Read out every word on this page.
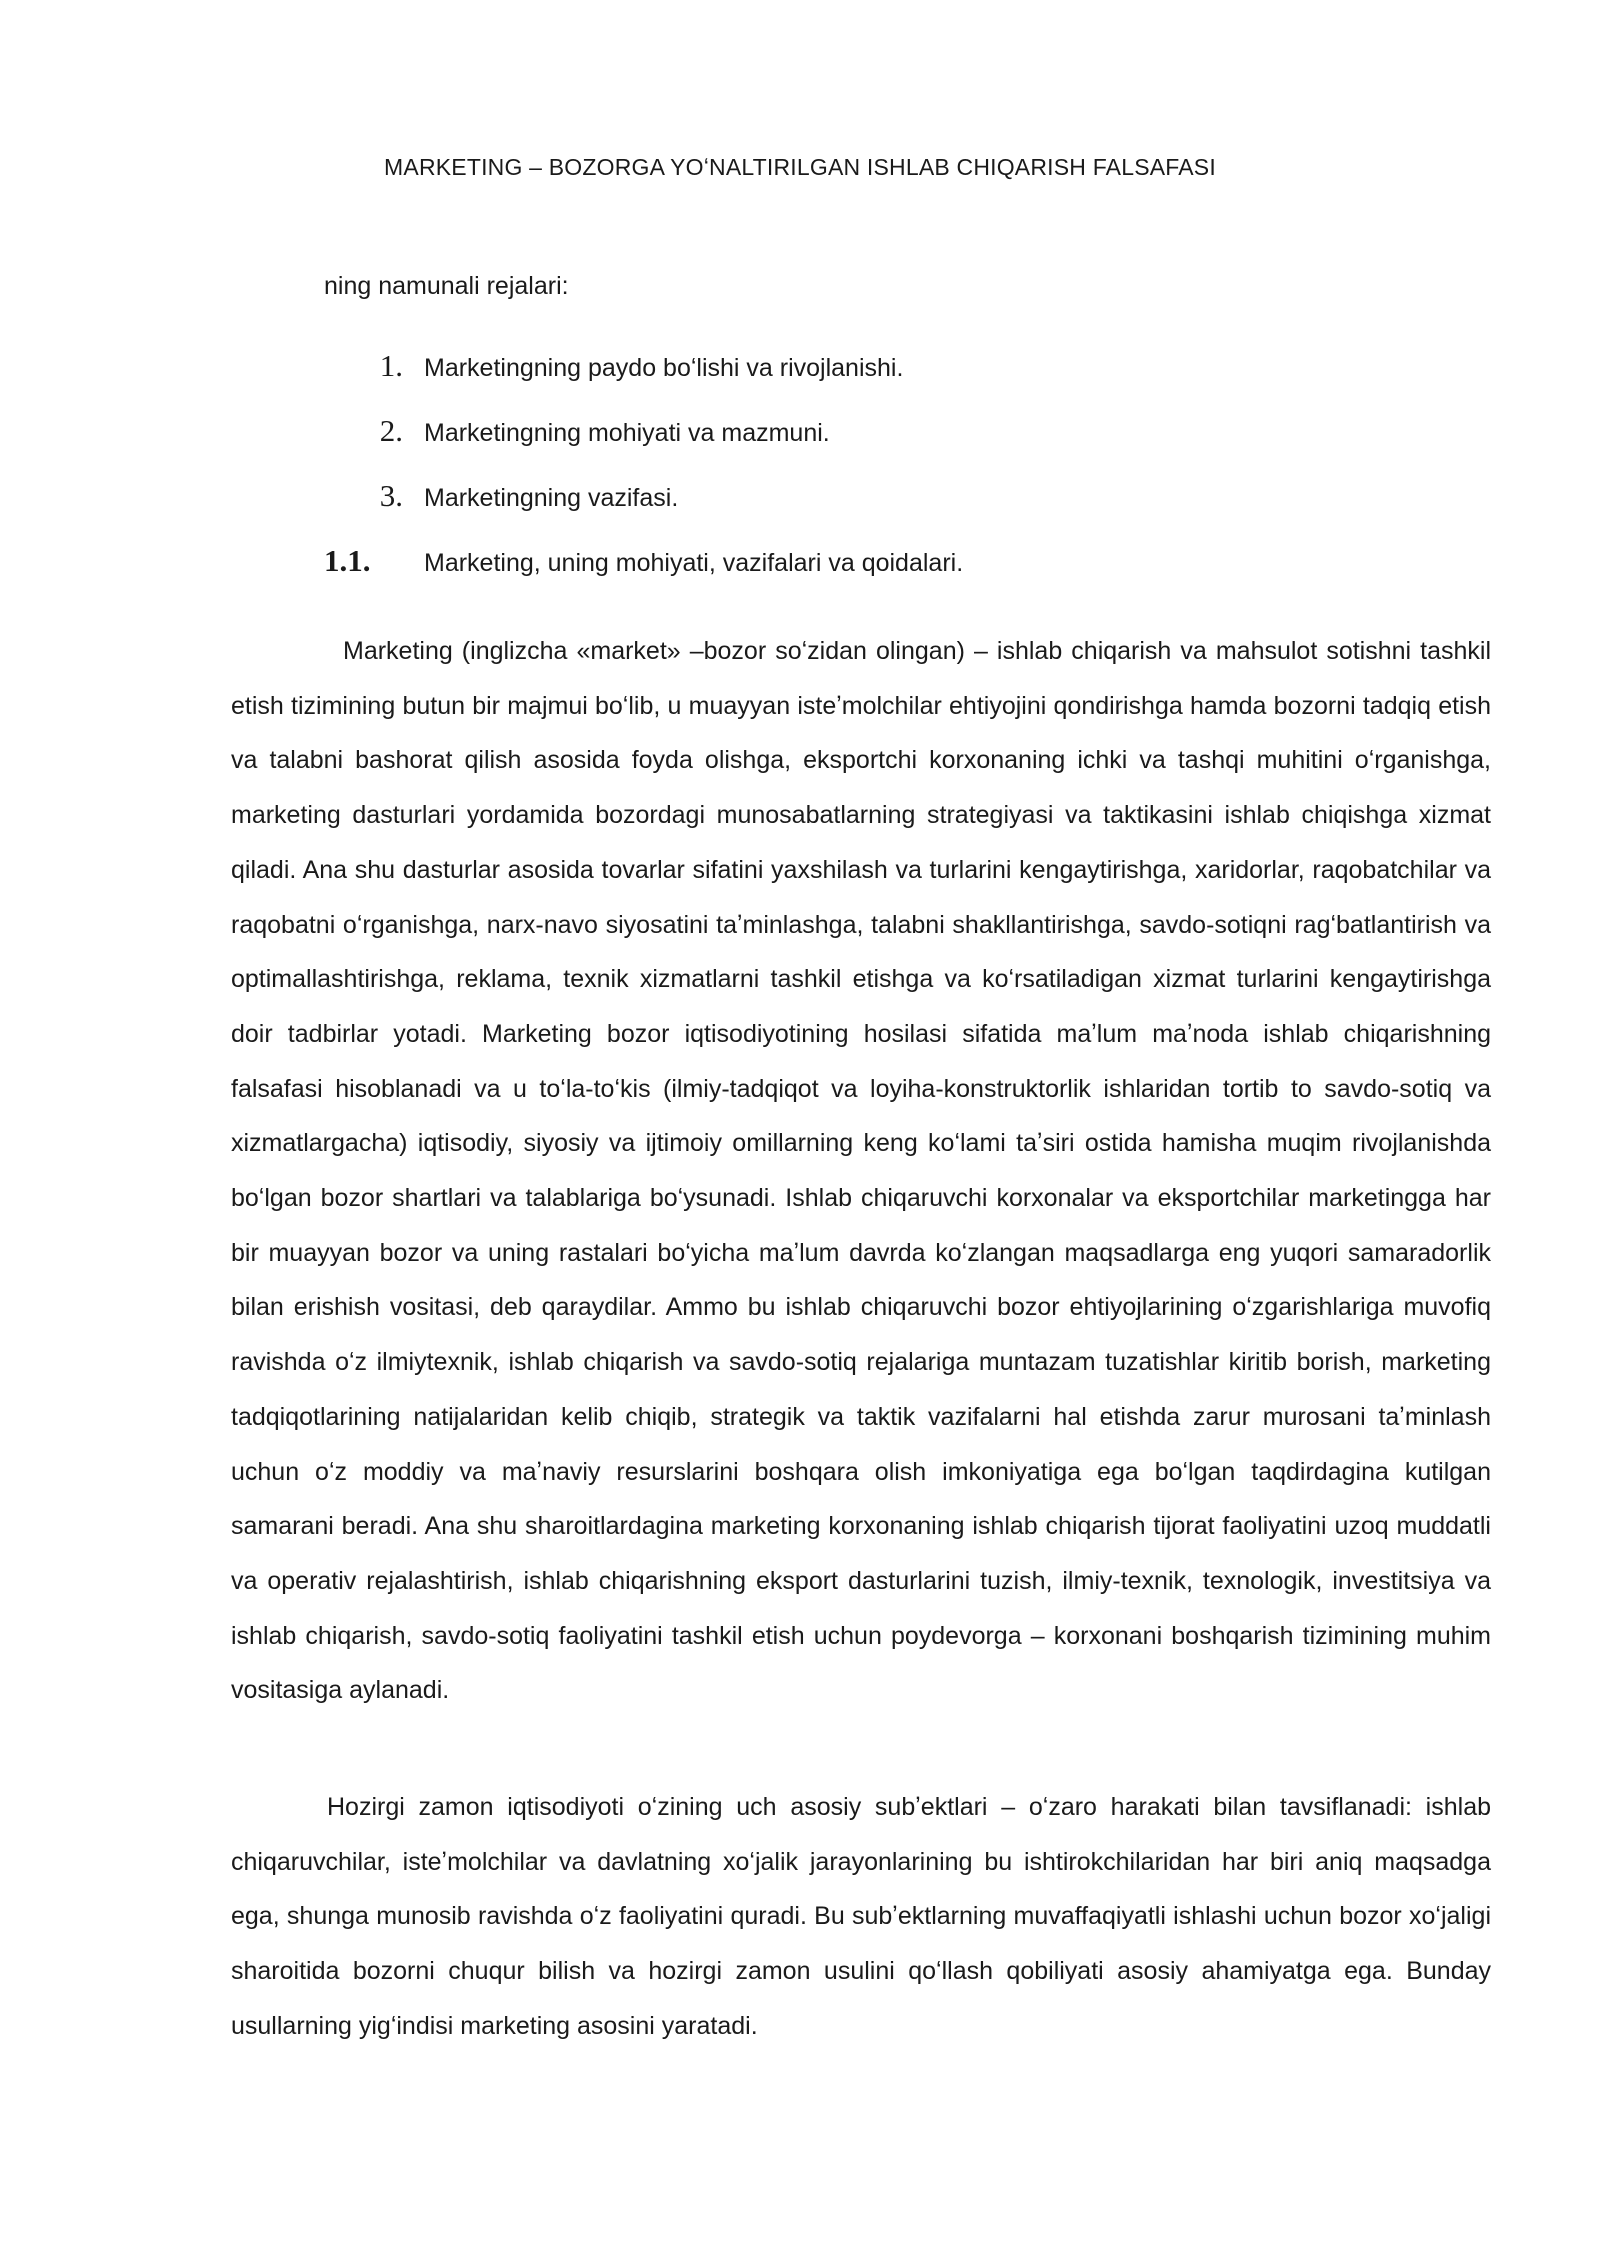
MARKETING – BOZORGA YOʻNALTIRILGAN ISHLAB CHIQARISH FALSAFASI
ning namunali rejalari:
1. Marketingning paydo boʻlishi va rivojlanishi.
2. Marketingning mohiyati va mazmuni.
3. Marketingning vazifasi.
1.1.	Marketing, uning mohiyati, vazifalari va qoidalari.

Marketing (inglizcha «market» –bozor soʻzidan olingan) – ishlab chiqarish va mahsulot sotishni tashkil etish tizimining butun bir majmui boʻlib, u muayyan isteʼmolchilar ehtiyojini qondirishga hamda bozorni tadqiq etish va talabni bashorat qilish asosida foyda olishga, eksportchi korxonaning ichki va tashqi muhitini oʻrganishga, marketing dasturlari yordamida bozordagi munosabatlarning strategiyasi va taktikasini ishlab chiqishga xizmat qiladi. Ana shu dasturlar asosida tovarlar sifatini yaxshilash va turlarini kengaytirishga, xaridorlar, raqobatchilar va raqobatni oʻrganishga, narx-navo siyosatini taʼminlashga, talabni shakllantirishga, savdo-sotiqni ragʻbatlantirish va optimallashtirishga, reklama, texnik xizmatlarni tashkil etishga va koʻrsatiladigan xizmat turlarini kengaytirishga doir tadbirlar yotadi. Marketing bozor iqtisodiyotining hosilasi sifatida maʼlum maʼnoda ishlab chiqarishning falsafasi hisoblanadi va u toʻla-toʻkis (ilmiy-tadqiqot va loyiha-konstruktorlik ishlaridan tortib to savdo-sotiq va xizmatlargacha) iqtisodiy, siyosiy va ijtimoiy omillarning keng koʻlami taʼsiri ostida hamisha muqim rivojlanishda boʻlgan bozor shartlari va talablariga boʻysunadi. Ishlab chiqaruvchi korxonalar va eksportchilar marketingga har bir muayyan bozor va uning rastalari boʻyicha maʼlum davrda koʻzlangan maqsadlarga eng yuqori samaradorlik bilan erishish vositasi, deb qaraydilar. Ammo bu ishlab chiqaruvchi bozor ehtiyojlarining oʻzgarishlariga muvofiq ravishda oʻz ilmiytexnik, ishlab chiqarish va savdo-sotiq rejalariga muntazam tuzatishlar kiritib borish, marketing tadqiqotlarining natijalaridan kelib chiqib, strategik va taktik vazifalarni hal etishda zarur murosani taʼminlash uchun oʻz moddiy va maʼnaviy resurslarini boshqara olish imkoniyatiga ega boʻlgan taqdirdagina kutilgan samarani beradi. Ana shu sharoitlardagina marketing korxonaning ishlab chiqarish tijorat faoliyatini uzoq muddatli va operativ rejalashtirish, ishlab chiqarishning eksport dasturlarini tuzish, ilmiy-texnik, texnologik, investitsiya va ishlab chiqarish, savdo-sotiq faoliyatini tashkil etish uchun poydevorga – korxonani boshqarish tizimining muhim vositasiga aylanadi.

Hozirgi zamon iqtisodiyoti oʻzining uch asosiy subʼektlari – oʻzaro harakati bilan tavsiflanadi: ishlab chiqaruvchilar, isteʼmolchilar va davlatning xoʻjalik jarayonlarining bu ishtirokchilaridan har biri aniq maqsadga ega, shunga munosib ravishda oʻz faoliyatini quradi. Bu subʼektlarning muvaffaqiyatli ishlashi uchun bozor xoʻjaligi sharoitida bozorni chuqur bilish va hozirgi zamon usulini qoʻllash qobiliyati asosiy ahamiyatga ega. Bunday usullarning yigʻindisi marketing asosini yaratadi.
